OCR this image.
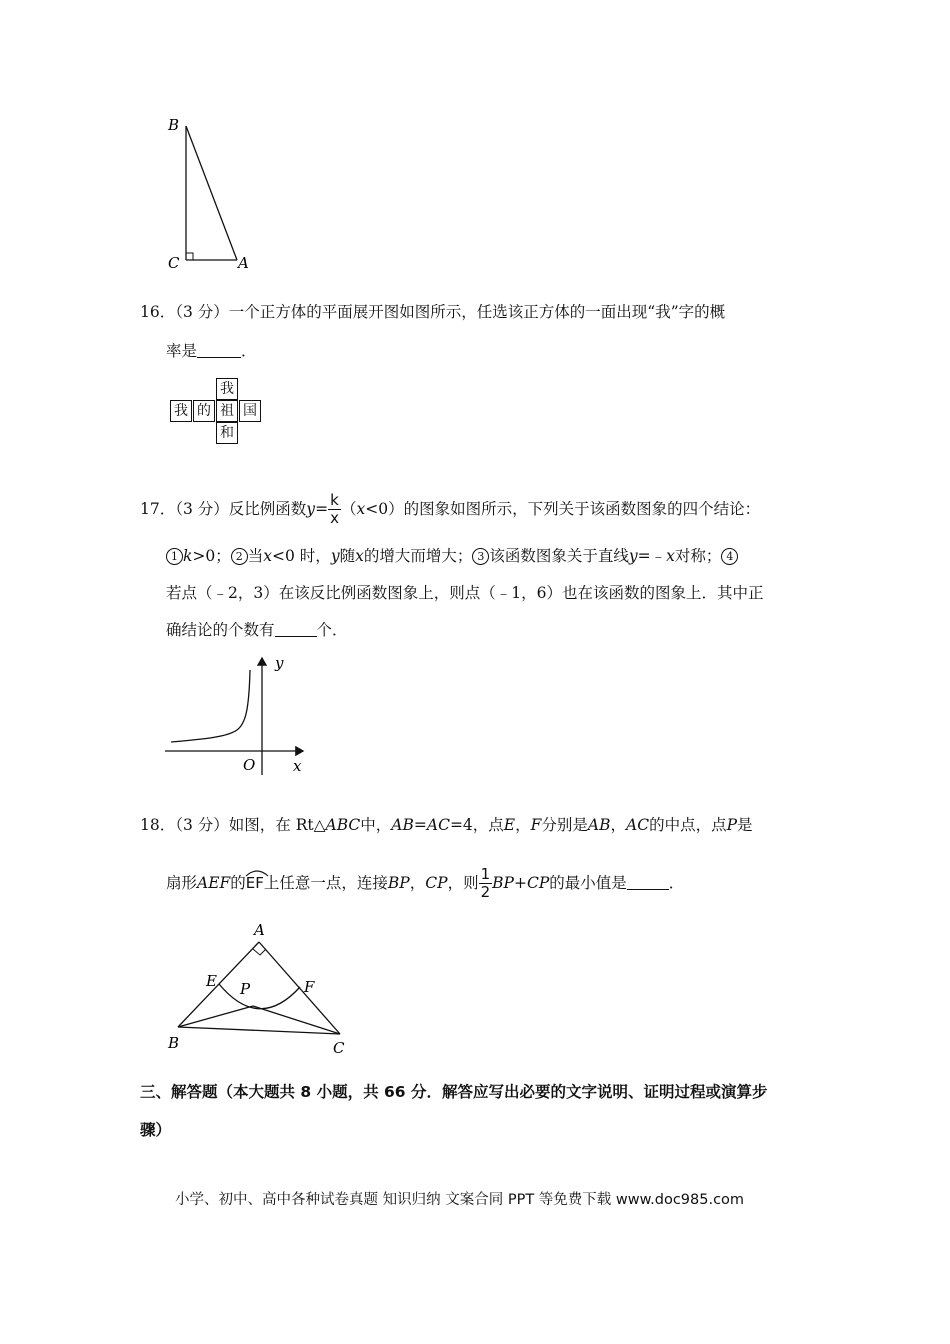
B
C	A
16．（3 分）一个正方体的平面展开图如图所示，任选该正方体的一面出现“我”字的概
率是	．
我
我 的 祖 国
和
17．（3 分）反比例函数$y= \frac{k}{x} (x<0)$的图象如图所示，下列关于该函数图象的四个结论：
1 k>0； 2 当x<0 时，y随x的增大而增大； 3 该函数图象关于直线y=﹣x对称； 4
若点（﹣2，3）在该反比例函数图象上，则点（﹣1，6）也在该函数的图象上．其中正
确结论的个数有	个．
y
O	x
18．（3 分）如图，在 Rt△ABC中，AB=AC=4，点E，F分别是AB，AC的中点，点P是
扇形AEF的
EF上任意一点，连接BP，CP，则 $\frac{1}{2} BP+CP$的最小值是	．
A
E P	F
B	C
三、解答题（本大题共 8 小题，共 66 分．解答应写出必要的文字说明、证明过程或演算步
骤）
小学、初中、高中各种试卷真题 知识归纳 文案合同 PPT 等免费下载 www.doc985.com
